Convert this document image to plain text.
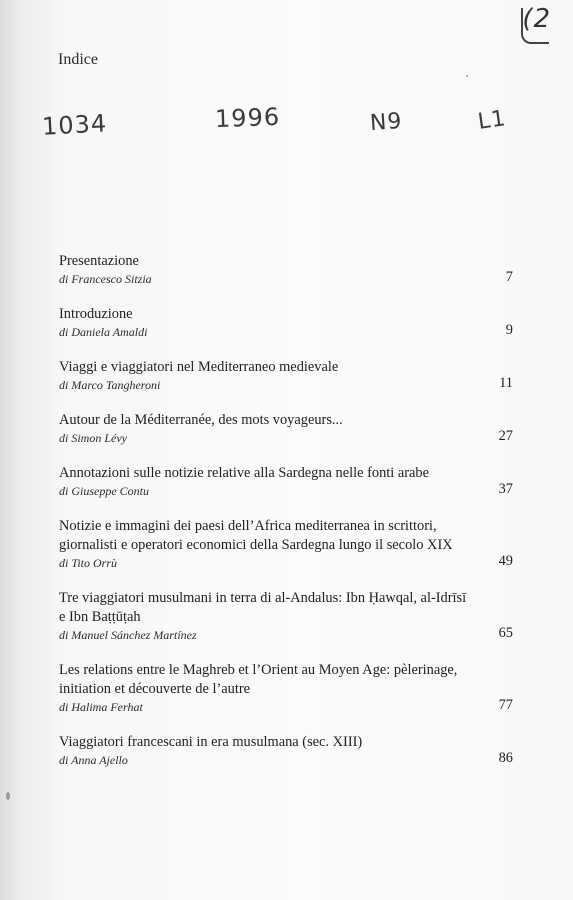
(2
Indice
1034	1996	N9	L1
Presentazione
di Francesco Sitzia	7
Introduzione
di Daniela Amaldi	9
Viaggi e viaggiatori nel Mediterraneo medievale
di Marco Tangheroni	11
Autour de la Méditerranée, des mots voyageurs...
di Simon Lévy	27
Annotazioni sulle notizie relative alla Sardegna nelle fonti arabe
di Giuseppe Contu	37
Notizie e immagini dei paesi dell’Africa mediterranea in scrittori, giornalisti e operatori economici della Sardegna lungo il secolo XIX
di Tito Orrù	49
Tre viaggiatori musulmani in terra di al-Andalus: Ibn Ḥawqal, al-Idrīsī e Ibn Baṭṭūṭah
di Manuel Sánchez Martínez	65
Les relations entre le Maghreb et l’Orient au Moyen Age: pèlerinage, initiation et découverte de l’autre
di Halima Ferhat	77
Viaggiatori francescani in era musulmana (sec. XIII)
di Anna Ajello	86
